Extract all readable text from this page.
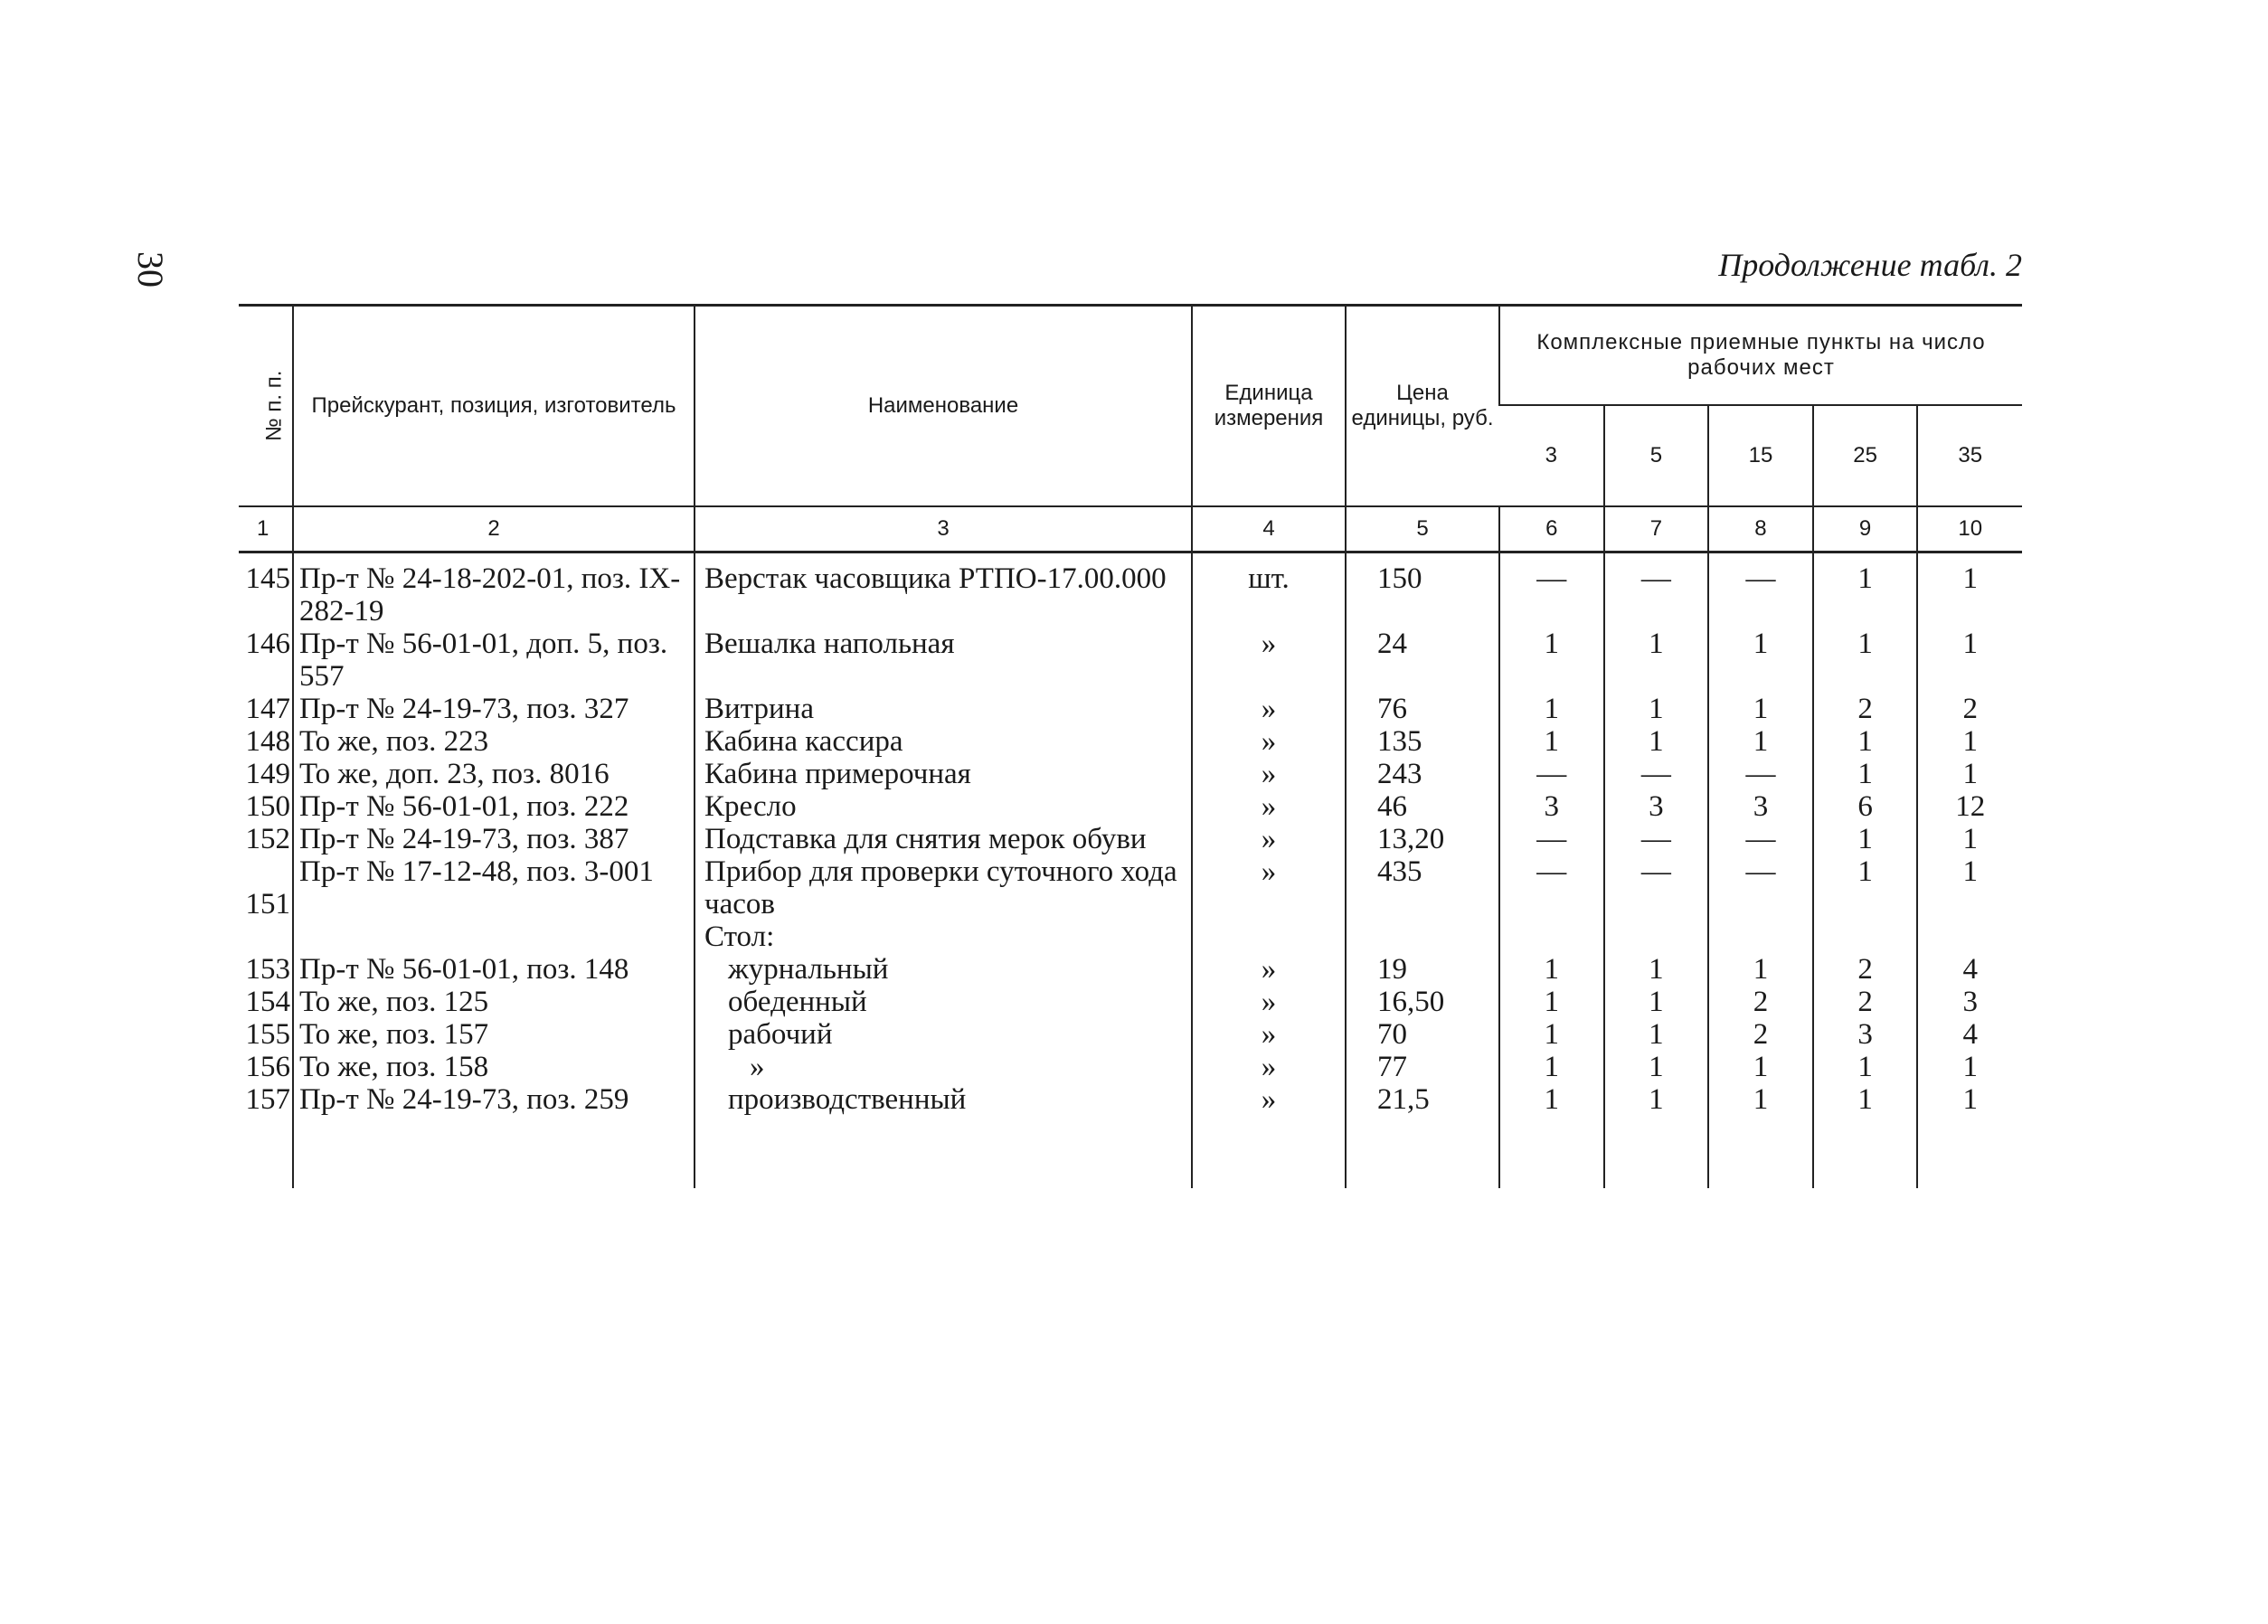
30	Продолжение табл. 2
№ п. п.	Прейскурант, позиция, изготовитель	Наименование	Единица измерения	Цена единицы, руб.	Комплексные приемные пункты на число рабочих мест				
					3	5	15	25	35
1	2	3	4	5	6	7	8	9	10
145	Пр-т № 24-18-202-01, поз. IX-282-19	Верстак часовщика РТПО-17.00.000	шт.	150	—	—	—	1	1
146	Пр-т № 56-01-01, доп. 5, поз. 557	Вешалка напольная	»	24	1	1	1	1	1
147	Пр-т № 24-19-73, поз. 327	Витрина	»	76	1	1	1	2	2
148	То же, поз. 223	Кабина кассира	»	135	1	1	1	1	1
149	То же, доп. 23, поз. 8016	Кабина примерочная	»	243	—	—	—	1	1
150	Пр-т № 56-01-01, поз. 222	Кресло	»	46	3	3	3	6	12
152	Пр-т № 24-19-73, поз. 387	Подставка для снятия мерок обуви	»	13,20	—	—	—	1	1
151	Пр-т № 17-12-48, поз. 3-001	Прибор для проверки суточного хода часов	»	435	—	—	—	1	1
		Стол:							
153	Пр-т № 56-01-01, поз. 148	журнальный	»	19	1	1	1	2	4
154	То же, поз. 125	обеденный	»	16,50	1	1	2	2	3
155	То же, поз. 157	рабочий	»	70	1	1	2	3	4
156	То же, поз. 158	»	»	77	1	1	1	1	1
157	Пр-т № 24-19-73, поз. 259	производственный	»	21,5	1	1	1	1	1
